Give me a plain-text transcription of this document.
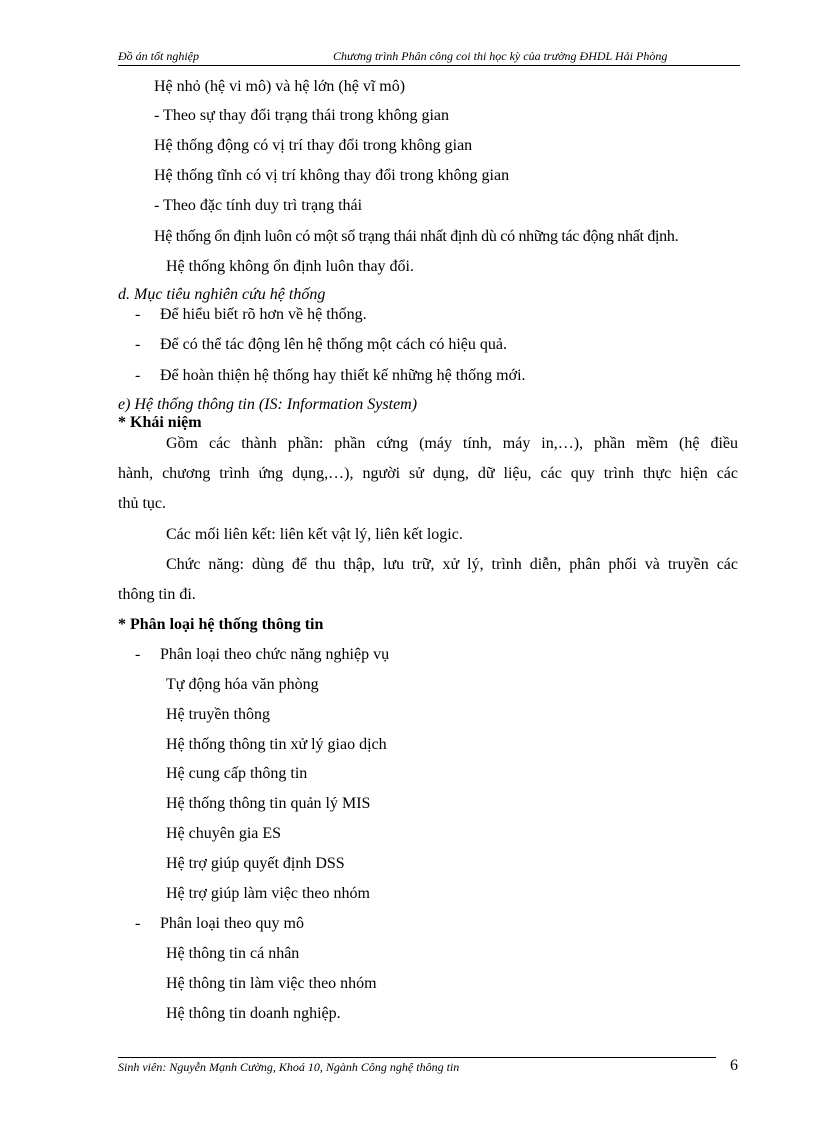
Đồ án tốt nghiệp	Chương trình Phân công coi thi học kỳ của trường ĐHDL Hải Phòng
Hệ nhỏ (hệ vi mô) và hệ lớn (hệ vĩ mô)
- Theo sự thay đổi trạng thái trong không gian
Hệ thống động có vị trí thay đổi trong không gian
Hệ thống tĩnh có vị trí không thay đổi trong không gian
- Theo đặc tính duy trì trạng thái
Hệ thống ổn định luôn có một số trạng thái nhất định dù có những tác động nhất định.
Hệ thống không ổn định luôn thay đổi.
d. Mục tiêu nghiên cứu hệ thống
- Để hiểu biết rõ hơn về hệ thống.
- Để có thể tác động lên hệ thống một cách có hiệu quả.
- Để hoàn thiện hệ thống hay thiết kế những hệ thống mới.
e) Hệ thống thông tin (IS: Information System)
* Khái niệm
Gồm các thành phần: phần cứng (máy tính, máy in,…), phần mềm (hệ điều
hành, chương trình ứng dụng,…), người sử dụng, dữ liệu, các quy trình thực hiện các
thủ tục.
Các mối liên kết: liên kết vật lý, liên kết logic.
Chức năng: dùng để thu thập, lưu trữ, xử lý, trình diễn, phân phối và truyền các
thông tin đi.
* Phân loại hệ thống thông tin
- Phân loại theo chức năng nghiệp vụ
Tự động hóa văn phòng
Hệ truyền thông
Hệ thống thông tin xử lý giao dịch
Hệ cung cấp thông tin
Hệ thống thông tin quản lý MIS
Hệ chuyên gia ES
Hệ trợ giúp quyết định DSS
Hệ trợ giúp làm việc theo nhóm
- Phân loại theo quy mô
Hệ thông tin cá nhân
Hệ thông tin làm việc theo nhóm
Hệ thông tin doanh nghiệp.
Sinh viên: Nguyễn Mạnh Cường, Khoá 10, Ngành Công nghệ thông tin	6
